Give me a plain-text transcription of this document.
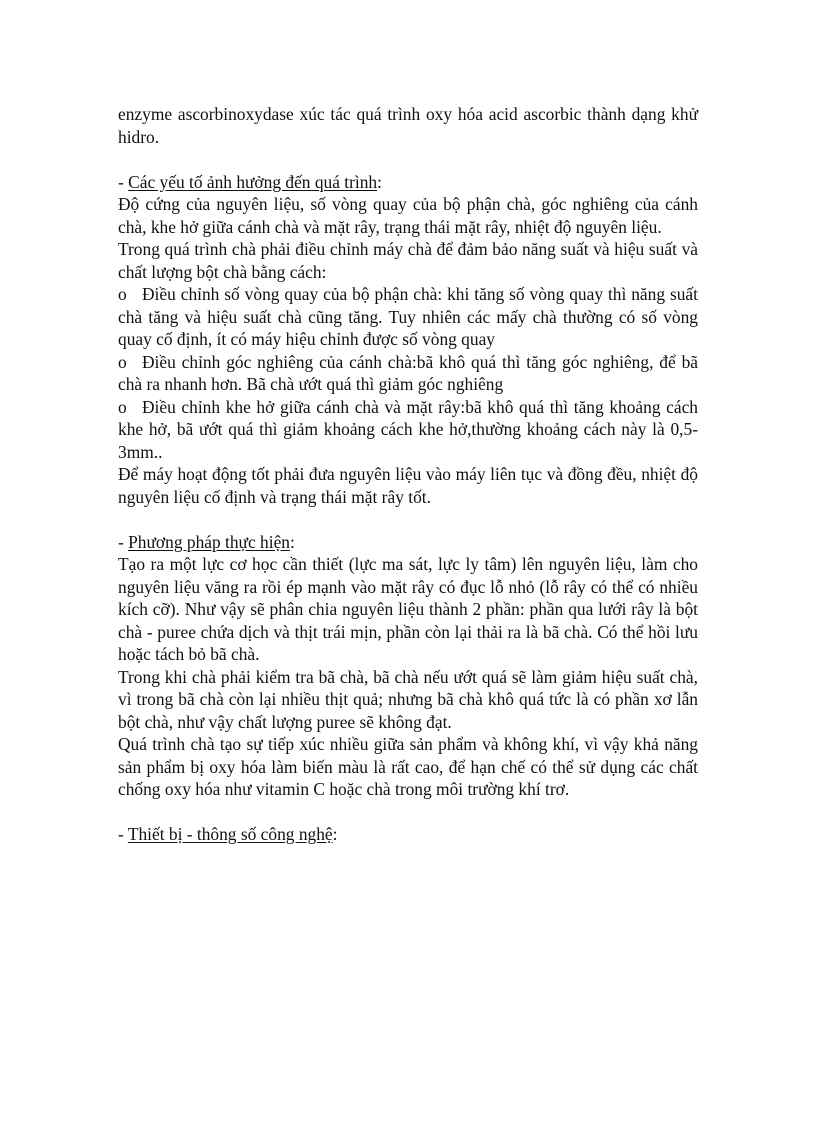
enzyme ascorbinoxydase xúc tác quá trình oxy hóa acid ascorbic thành dạng khử hidro.

- Các yếu tố ảnh hưởng đến quá trình:

Độ cứng của nguyên liệu, số vòng quay của bộ phận chà, góc nghiêng của cánh chà, khe hở giữa cánh chà và mặt rây, trạng thái mặt rây, nhiệt độ nguyên liệu.

Trong quá trình chà phải điều chỉnh máy chà để đảm bảo năng suất và hiệu suất và chất lượng bột chà bằng cách:

o Điều chỉnh số vòng quay của bộ phận chà: khi tăng số vòng quay thì năng suất chà tăng và hiệu suất chà cũng tăng. Tuy nhiên các mấy chà thường có số vòng quay cố định, ít có máy hiệu chỉnh được số vòng quay

o Điều chỉnh góc nghiêng của cánh chà:bã khô quá thì tăng góc nghiêng, để bã chà ra nhanh hơn. Bã chà ướt quá thì giảm góc nghiêng

o Điều chỉnh khe hở giữa cánh chà và mặt rây:bã khô quá thì tăng khoảng cách khe hở, bã ướt quá thì giảm khoảng cách khe hở,thường khoảng cách này là 0,5-3mm..

Để máy hoạt động tốt phải đưa nguyên liệu vào máy liên tục và đồng đều, nhiệt độ nguyên liệu cố định và trạng thái mặt rây tốt.

- Phương pháp thực hiện:

Tạo ra một lực cơ học cần thiết (lực ma sát, lực ly tâm) lên nguyên liệu, làm cho nguyên liệu văng ra rồi ép mạnh vào mặt rây có đục lỗ nhỏ (lỗ rây có thể có nhiều kích cỡ). Như vậy sẽ phân chia nguyên liệu thành 2 phần: phần qua lưới rây là bột chà - puree chứa dịch và thịt trái mịn, phần còn lại thải ra là bã chà. Có thể hồi lưu hoặc tách bỏ bã chà.

Trong khi chà phải kiểm tra bã chà, bã chà nếu ướt quá sẽ làm giảm hiệu suất chà, vì trong bã chà còn lại nhiều thịt quả; nhưng bã chà khô quá tức là có phần xơ lẫn bột chà, như vậy chất lượng puree sẽ không đạt.

Quá trình chà tạo sự tiếp xúc nhiều giữa sản phẩm và không khí, vì vậy khả năng sản phẩm bị oxy hóa làm biến màu là rất cao, để hạn chế có thể sử dụng các chất chống oxy hóa như vitamin C hoặc chà trong môi trường khí trơ.

- Thiết bị - thông số công nghệ:
